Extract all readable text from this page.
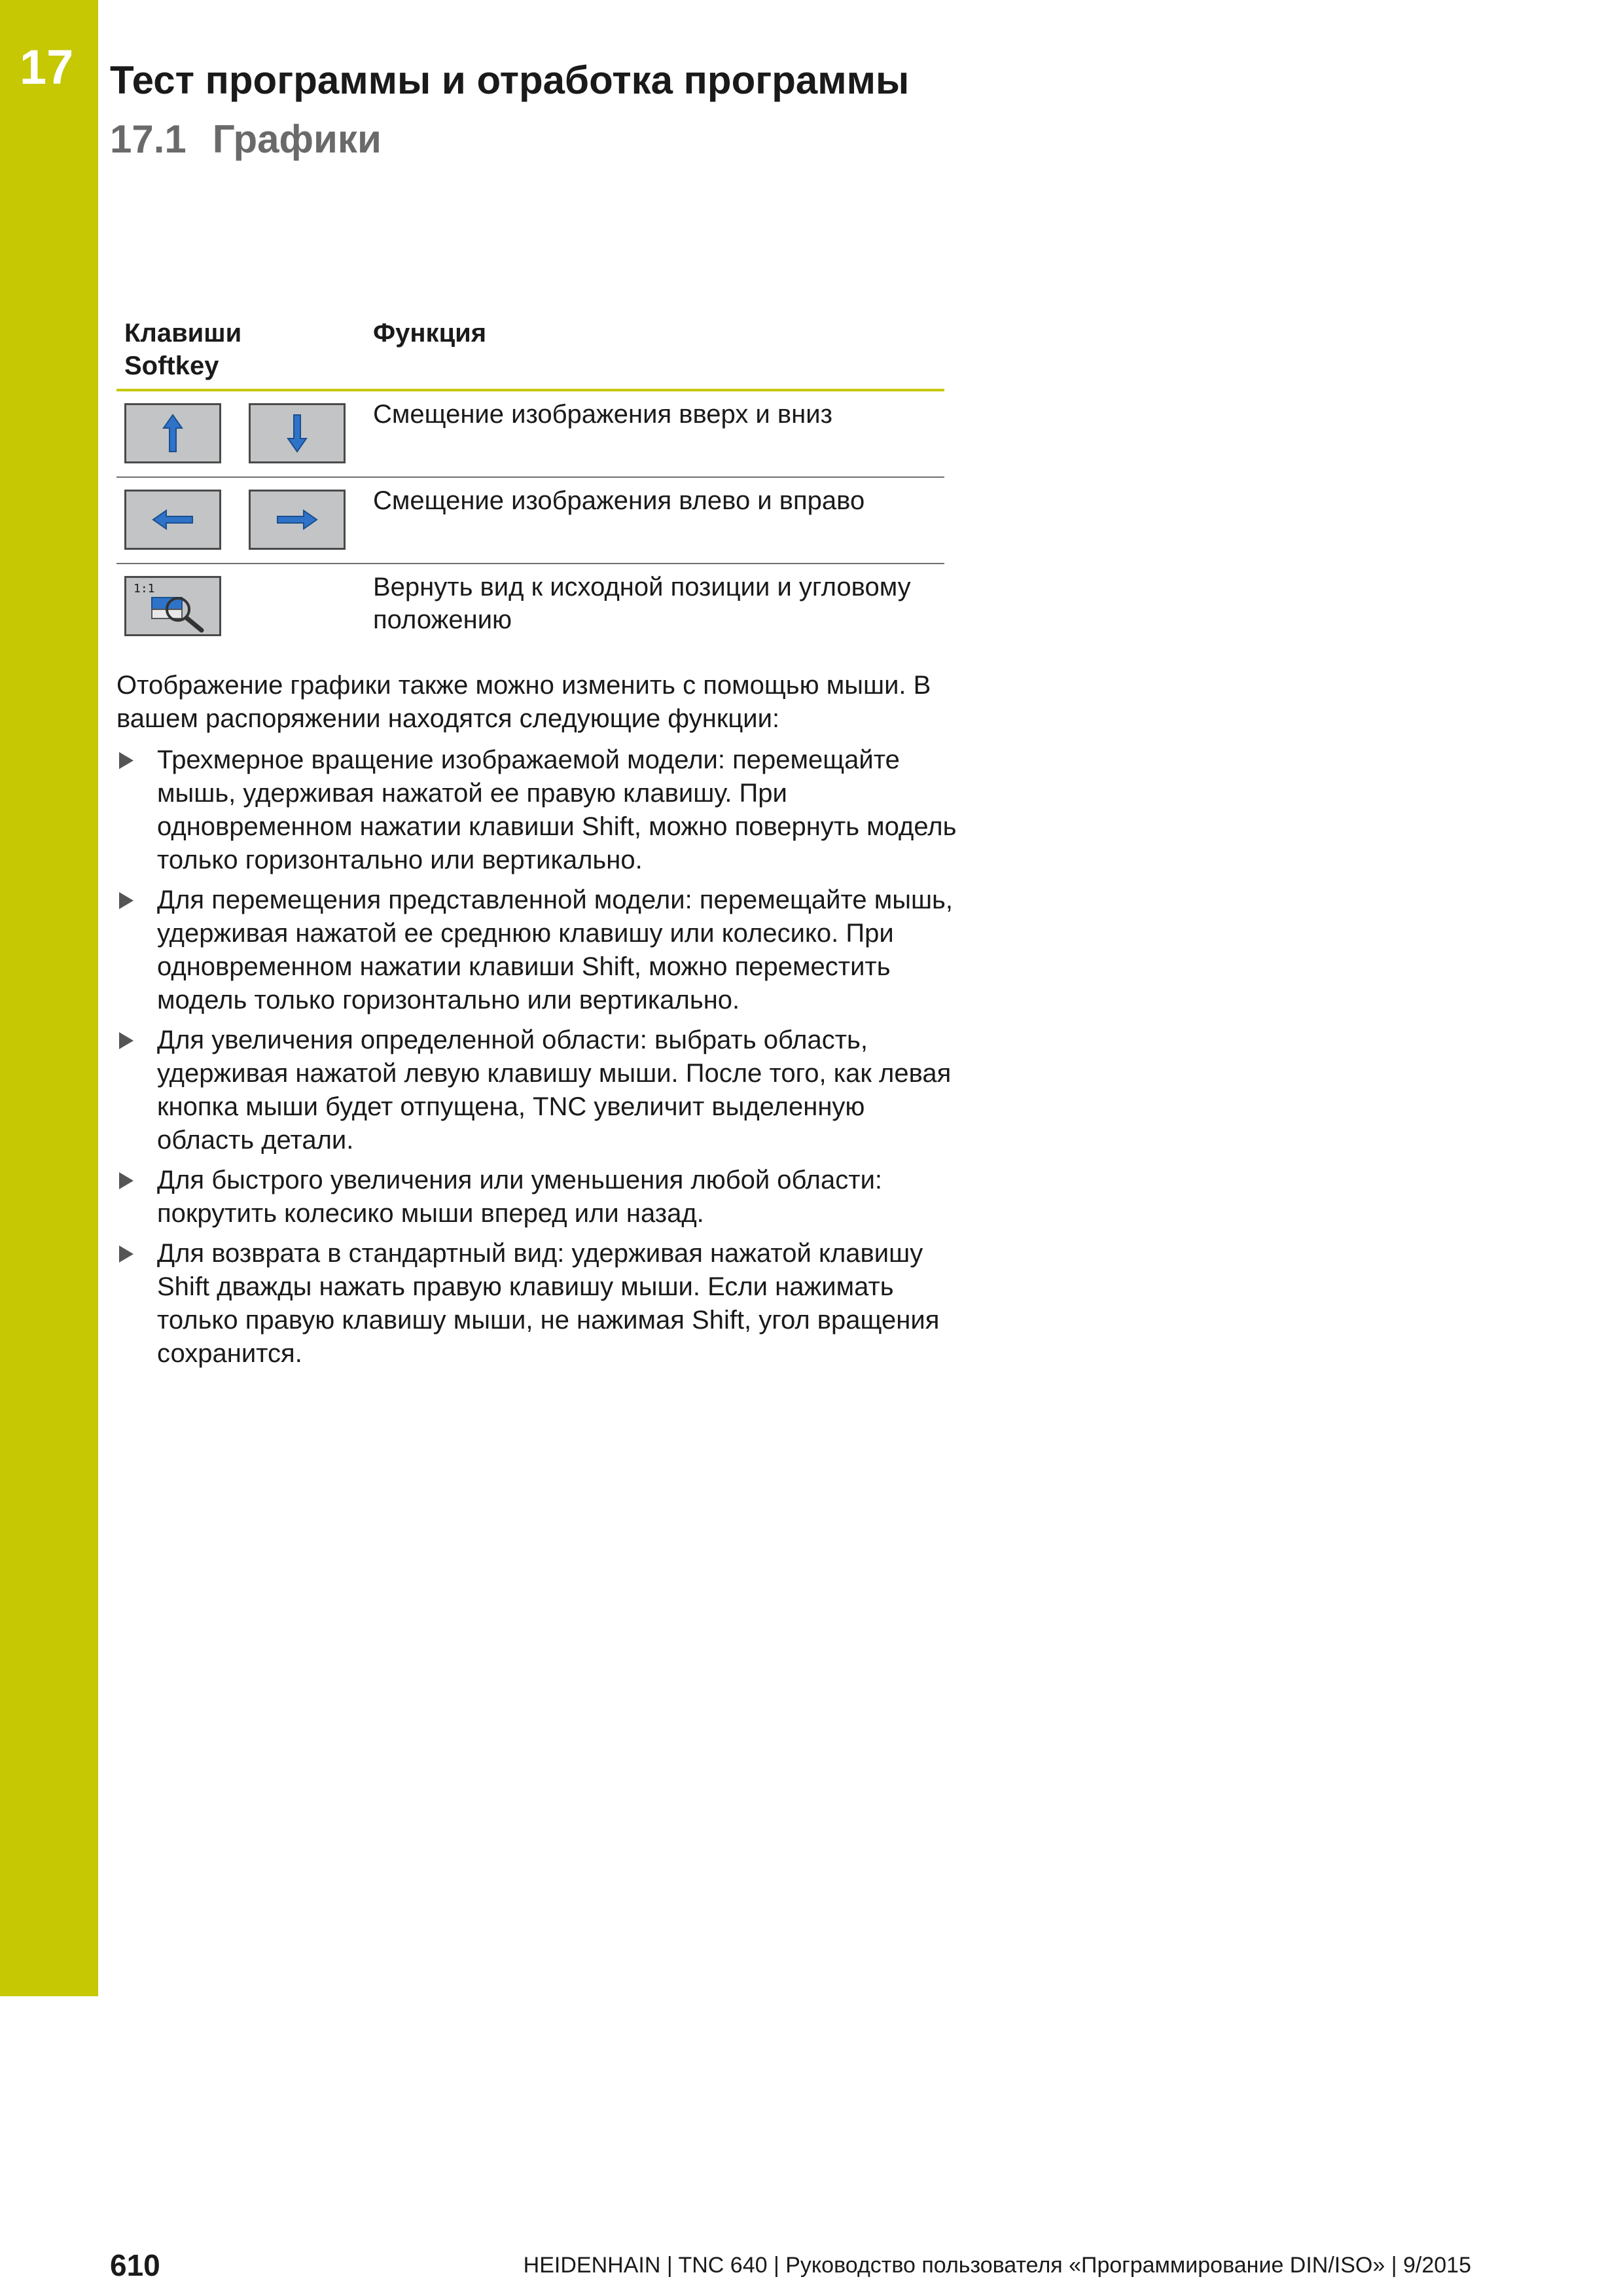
17 Тест программы и отработка программы
17.1 Графики
Клавиши
Softkey
Функция
Смещение изображения вверх и вниз
Смещение изображения влево и вправо
1:1	Вернуть вид к исходной позиции и угловому положению

Отображение графики также можно изменить с помощью мыши. В вашем распоряжении находятся следующие функции:

Трехмерное вращение изображаемой модели: перемещайте мышь, удерживая нажатой ее правую клавишу. При одновременном нажатии клавиши Shift, можно повернуть модель только горизонтально или вертикально.
Для перемещения представленной модели: перемещайте мышь, удерживая нажатой ее среднюю клавишу или колесико. При одновременном нажатии клавиши Shift, можно переместить модель только горизонтально или вертикально.
Для увеличения определенной области: выбрать область, удерживая нажатой левую клавишу мыши. После того, как левая кнопка мыши будет отпущена, TNC увеличит выделенную область детали.
Для быстрого увеличения или уменьшения любой области: покрутить колесико мыши вперед или назад.
Для возврата в стандартный вид: удерживая нажатой клавишу Shift дважды нажать правую клавишу мыши. Если нажимать только правую клавишу мыши, не нажимая Shift, угол вращения сохранится.
610	HEIDENHAIN | TNC 640 | Руководство пользователя «Программирование DIN/ISO» | 9/2015
